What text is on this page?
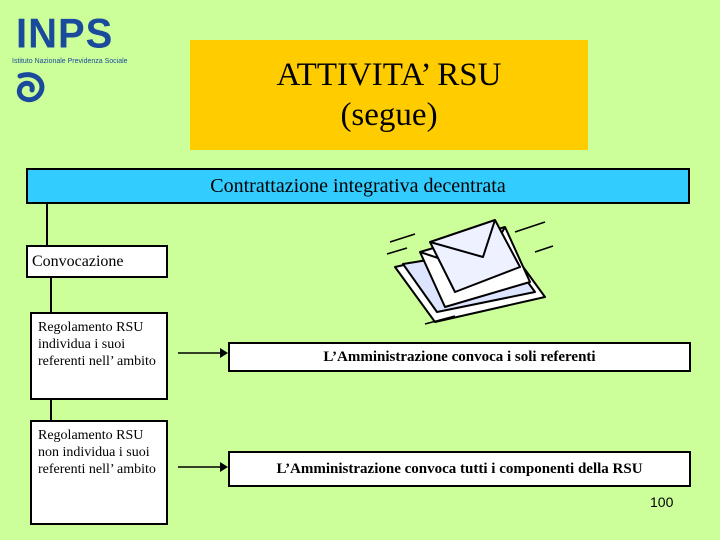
INPS
Istituto Nazionale Previdenza Sociale	ATTIVITA’ RSU
(segue)
Contrattazione integrativa decentrata
Convocazione
Regolamento RSU individua i suoi referenti nell’ ambito
Regolamento RSU non individua i suoi referenti nell’ ambito
L’Amministrazione convoca i soli referenti
L’Amministrazione convoca tutti i componenti della RSU
100
